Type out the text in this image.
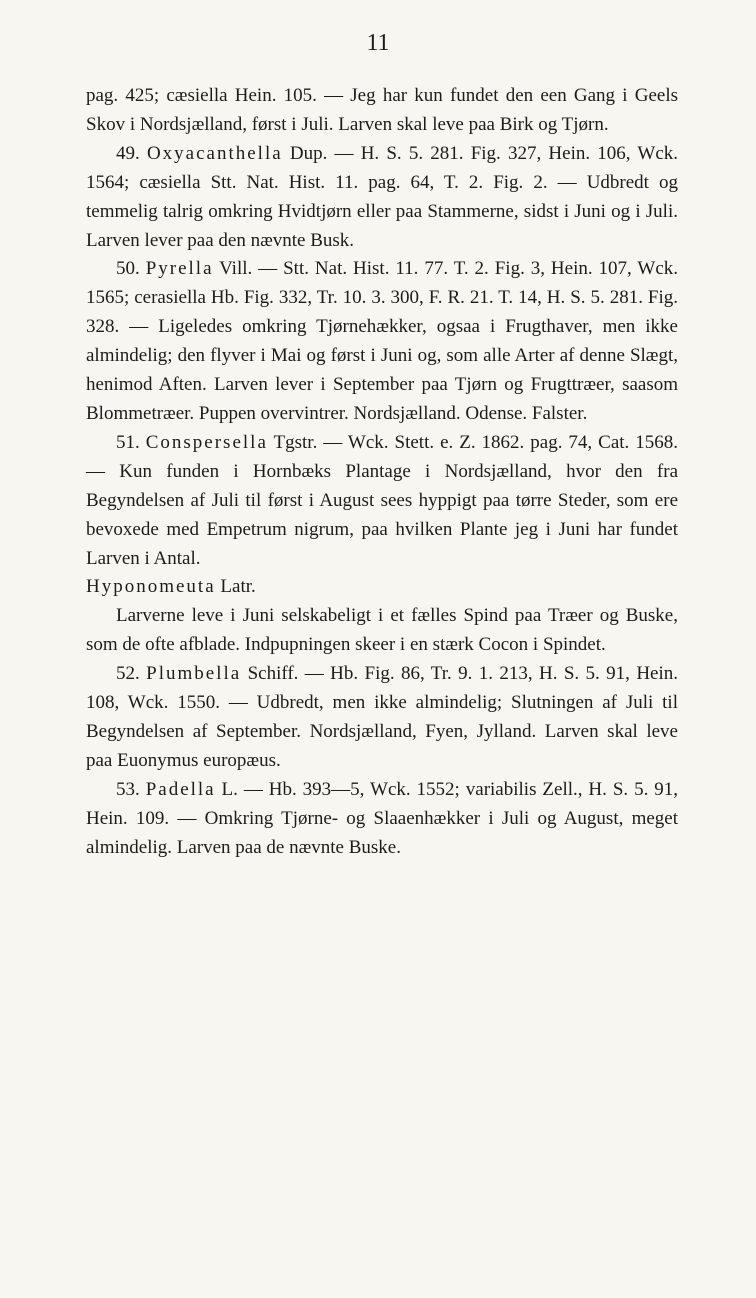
11

pag. 425; cæsiella Hein. 105. — Jeg har kun fundet den een Gang i Geels Skov i Nordsjælland, først i Juli. Larven skal leve paa Birk og Tjørn.

49. Oxyacanthella Dup. — H. S. 5. 281. Fig. 327, Hein. 106, Wck. 1564; cæsiella Stt. Nat. Hist. 11. pag. 64, T. 2. Fig. 2. — Udbredt og temmelig talrig omkring Hvidtjørn eller paa Stammerne, sidst i Juni og i Juli. Larven lever paa den nævnte Busk.

50. Pyrella Vill. — Stt. Nat. Hist. 11. 77. T. 2. Fig. 3, Hein. 107, Wck. 1565; cerasiella Hb. Fig. 332, Tr. 10. 3. 300, F. R. 21. T. 14, H. S. 5. 281. Fig. 328. — Ligeledes omkring Tjørnehækker, ogsaa i Frugthaver, men ikke almindelig; den flyver i Mai og først i Juni og, som alle Arter af denne Slægt, henimod Aften. Larven lever i September paa Tjørn og Frugttræer, saasom Blommetræer. Puppen overvintrer. Nordsjælland. Odense. Falster.

51. Conspersella Tgstr. — Wck. Stett. e. Z. 1862. pag. 74, Cat. 1568. — Kun funden i Hornbæks Plantage i Nordsjælland, hvor den fra Begyndelsen af Juli til først i August sees hyppigt paa tørre Steder, som ere bevoxede med Empetrum nigrum, paa hvilken Plante jeg i Juni har fundet Larven i Antal.

Hyponomeuta Latr.

Larverne leve i Juni selskabeligt i et fælles Spind paa Træer og Buske, som de ofte afblade. Indpupningen skeer i en stærk Cocon i Spindet.

52. Plumbella Schiff. — Hb. Fig. 86, Tr. 9. 1. 213, H. S. 5. 91, Hein. 108, Wck. 1550. — Udbredt, men ikke almindelig; Slutningen af Juli til Begyndelsen af September. Nordsjælland, Fyen, Jylland. Larven skal leve paa Euonymus europæus.

53. Padella L. — Hb. 393—5, Wck. 1552; variabilis Zell., H. S. 5. 91, Hein. 109. — Omkring Tjørne- og Slaaenhækker i Juli og August, meget almindelig. Larven paa de nævnte Buske.
